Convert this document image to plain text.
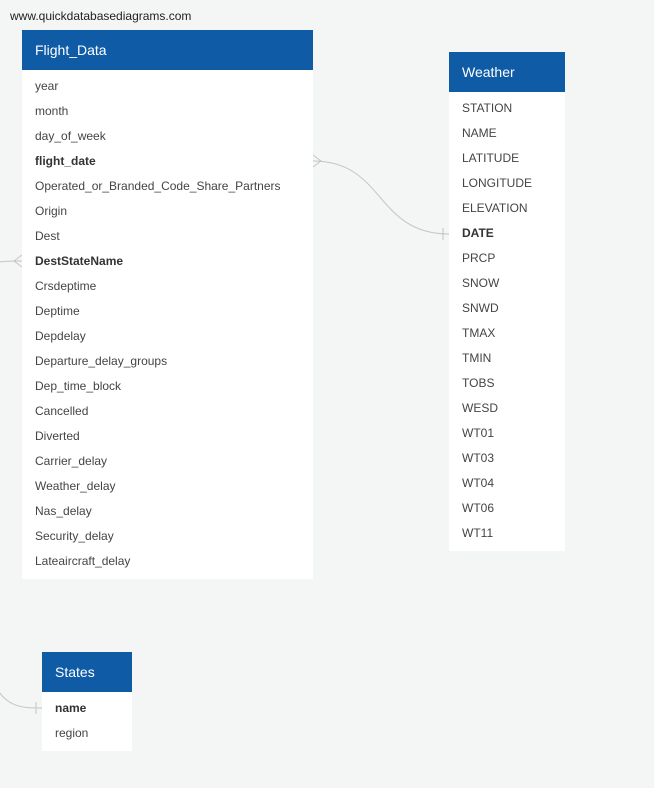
www.quickdatabasediagrams.com
Flight_Data
year
month
day_of_week
flight_date
Operated_or_Branded_Code_Share_Partners
Origin
Dest
DestStateName
Crsdeptime
Deptime
Depdelay
Departure_delay_groups
Dep_time_block
Cancelled
Diverted
Carrier_delay
Weather_delay
Nas_delay
Security_delay
Lateaircraft_delay
Weather
STATION
NAME
LATITUDE
LONGITUDE
ELEVATION
DATE
PRCP
SNOW
SNWD
TMAX
TMIN
TOBS
WESD
WT01
WT03
WT04
WT06
WT11
States
name
region
